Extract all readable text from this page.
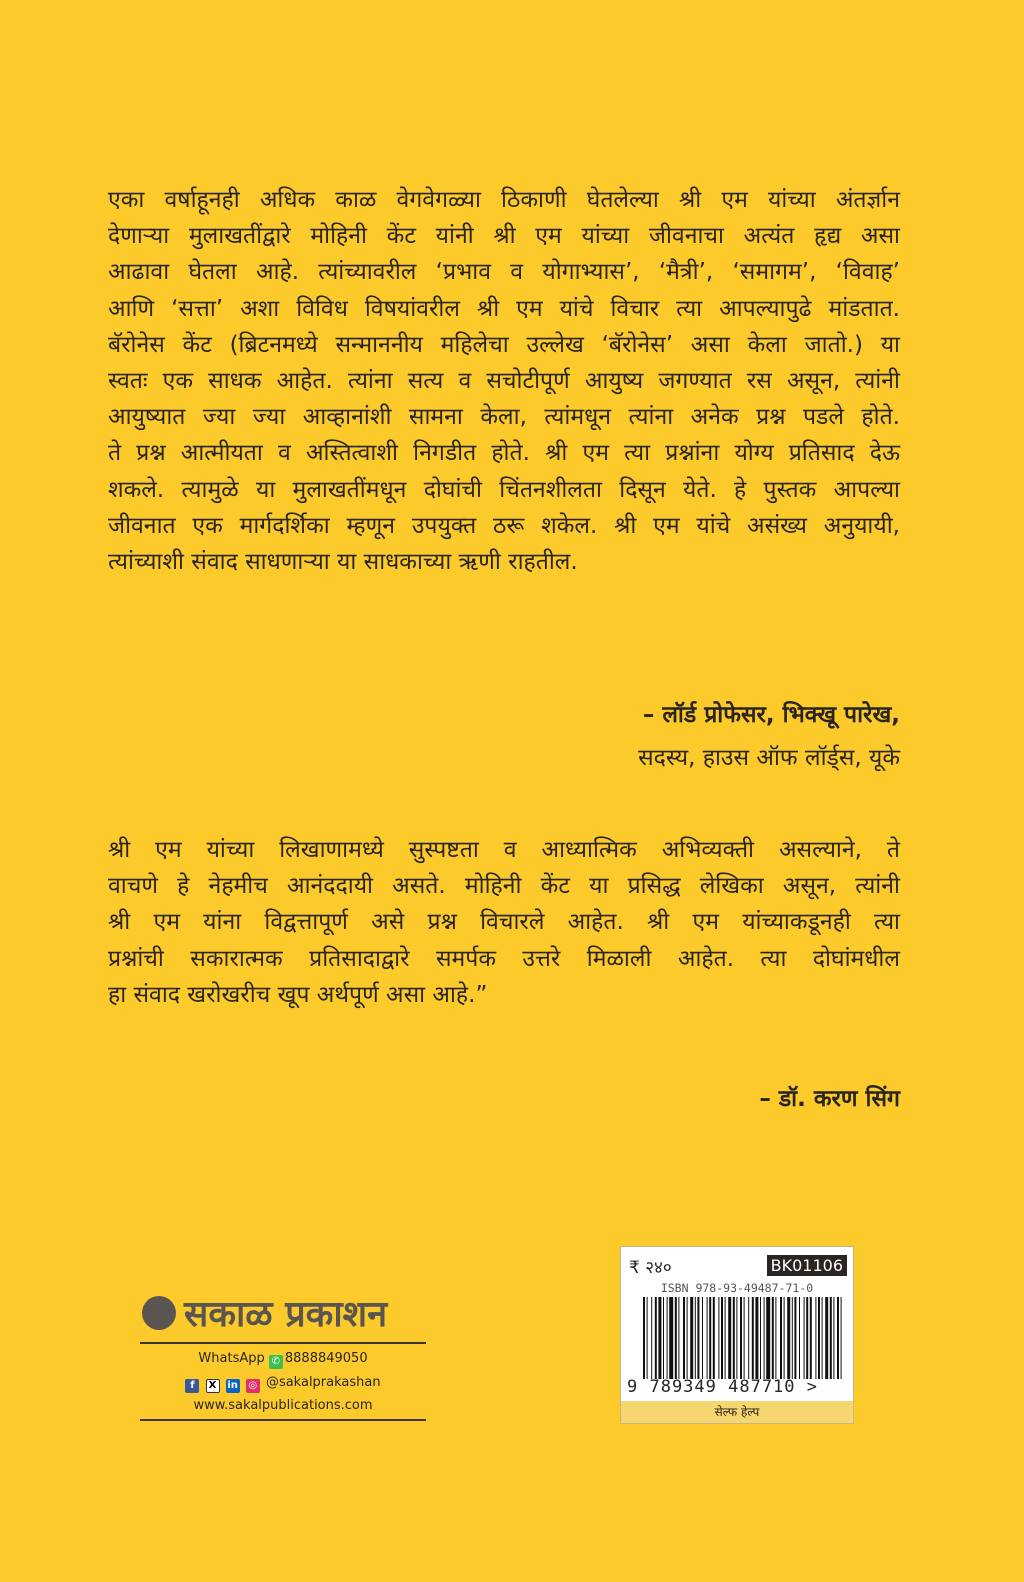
एका वर्षाहूनही अधिक काळ वेगवेगळ्या ठिकाणी घेतलेल्या श्री एम यांच्या अंतर्ज्ञान
देणाऱ्या मुलाखतींद्वारे मोहिनी केंट यांनी श्री एम यांच्या जीवनाचा अत्यंत हृद्य असा
आढावा घेतला आहे. त्यांच्यावरील ‘प्रभाव व योगाभ्यास’, ‘मैत्री’, ‘समागम’, ‘विवाह’
आणि ‘सत्ता’ अशा विविध विषयांवरील श्री एम यांचे विचार त्या आपल्यापुढे मांडतात.
बॅरोनेस केंट (ब्रिटनमध्ये सन्माननीय महिलेचा उल्लेख ‘बॅरोनेस’ असा केला जातो.) या
स्वतः एक साधक आहेत. त्यांना सत्य व सचोटीपूर्ण आयुष्य जगण्यात रस असून, त्यांनी
आयुष्यात ज्या ज्या आव्हानांशी सामना केला, त्यांमधून त्यांना अनेक प्रश्न पडले होते.
ते प्रश्न आत्मीयता व अस्तित्वाशी निगडीत होते. श्री एम त्या प्रश्नांना योग्य प्रतिसाद देऊ
शकले. त्यामुळे या मुलाखतींमधून दोघांची चिंतनशीलता दिसून येते. हे पुस्तक आपल्या
जीवनात एक मार्गदर्शिका म्हणून उपयुक्त ठरू शकेल. श्री एम यांचे असंख्य अनुयायी,
त्यांच्याशी संवाद साधणाऱ्या या साधकाच्या ऋणी राहतील.
– लॉर्ड प्रोफेसर, भिक्खू पारेख,
सदस्य, हाउस ऑफ लॉर्ड्स, यूके
श्री एम यांच्या लिखाणामध्ये सुस्पष्टता व आध्यात्मिक अभिव्यक्ती असल्याने, ते
वाचणे हे नेहमीच आनंददायी असते. मोहिनी केंट या प्रसिद्ध लेखिका असून, त्यांनी
श्री एम यांना विद्वत्तापूर्ण असे प्रश्न विचारले आहेत. श्री एम यांच्याकडूनही त्या
प्रश्नांची सकारात्मक प्रतिसादाद्वारे समर्पक उत्तरे मिळाली आहेत. त्या दोघांमधील
हा संवाद खरोखरीच खूप अर्थपूर्ण असा आहे.”
– डॉ. करण सिंग
सकाळ प्रकाशन
WhatsApp ✆ 8888849050
f X in ◎ @sakalprakashan
www.sakalpublications.com
₹ २४०	BK01106
ISBN 978-93-49487-71-0
9 789349 487710 >
सेल्फ हेल्प
